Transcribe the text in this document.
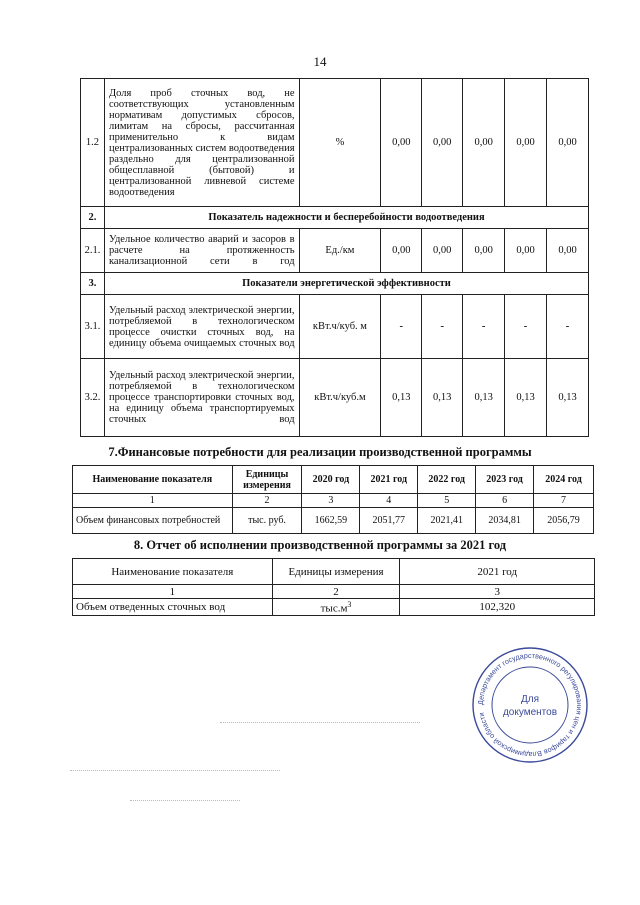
14
1.2	Доля проб сточных вод, не соответствующих установленным нормативам допустимых сбросов, лимитам на сбросы, рассчитанная применительно к видам централизованных систем водоотведения раздельно для централизованной общесплавной (бытовой) и централизованной ливневой системе водоотведения	%	0,00	0,00	0,00	0,00	0,00
2.	Показатель надежности и бесперебойности водоотведения						
2.1.	Удельное количество аварий и засоров в расчете на протяженность канализационной сети в год	Ед./км	0,00	0,00	0,00	0,00	0,00
3.	Показатели энергетической эффективности						
3.1.	Удельный расход электрической энергии, потребляемой в технологическом процессе очистки сточных вод, на единицу объема очищаемых сточных вод	кВт.ч/куб. м	-	-	-	-	-
3.2.	Удельный расход электрической энергии, потребляемой в технологическом процессе транспортировки сточных вод, на единицу объема транспортируемых сточных вод	кВт.ч/куб.м	0,13	0,13	0,13	0,13	0,13
7.Финансовые потребности для реализации производственной программы
Наименование показателя	Единицы измерения	2020 год	2021 год	2022 год	2023 год	2024 год
1	2	3	4	5	6	7
Объем финансовых потребностей	тыс. руб.	1662,59	2051,77	2021,41	2034,81	2056,79
8. Отчет об исполнении производственной программы за 2021 год
Наименование показателя	Единицы измерения	2021 год
1	2	3
Объем отведенных сточных вод	$тыс.м^3$	102,320
Департамент государственного регулирования цен и тарифов Владимирской области
Для
документов
